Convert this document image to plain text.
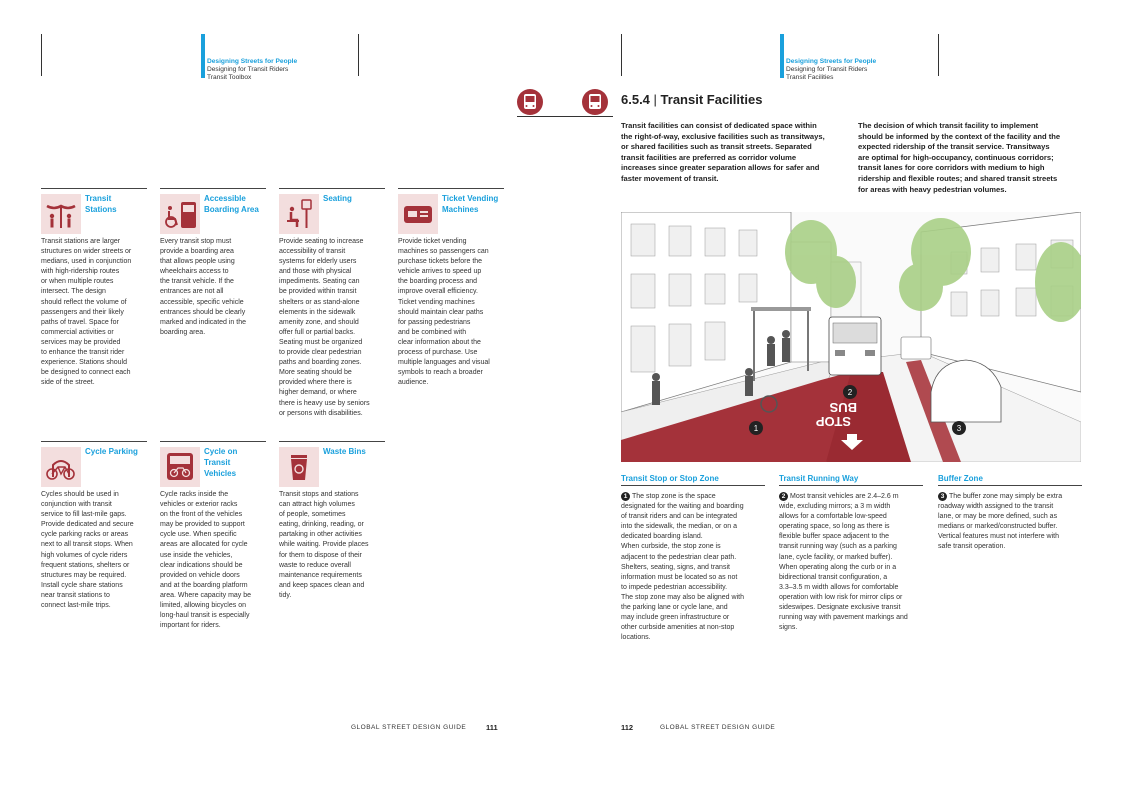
Designing Streets for People
Designing for Transit Riders
Transit Toolbox
Transit
Stations
Transit stations are larger
structures on wider streets or
medians, used in conjunction
with high-ridership routes
or when multiple routes
intersect. The design
should reflect the volume of
passengers and their likely
paths of travel. Space for
commercial activities or
services may be provided
to enhance the transit rider
experience. Stations should
be designed to connect each
side of the street.
Accessible
Boarding Area
Every transit stop must
provide a boarding area
that allows people using
wheelchairs access to
the transit vehicle. If the
entrances are not all
accessible, specific vehicle
entrances should be clearly
marked and indicated in the
boarding area.
Seating
Provide seating to increase
accessibility of transit
systems for elderly users
and those with physical
impediments. Seating can
be provided within transit
shelters or as stand-alone
elements in the sidewalk
amenity zone, and should
offer full or partial backs.
Seating must be organized
to provide clear pedestrian
paths and boarding zones.
More seating should be
provided where there is
higher demand, or where
there is heavy use by seniors
or persons with disabilities.
Ticket Vending
Machines
Provide ticket vending
machines so passengers can
purchase tickets before the
vehicle arrives to speed up
the boarding process and
improve overall efficiency.
Ticket vending machines
should maintain clear paths
for passing pedestrians
and be combined with
clear information about the
process of purchase. Use
multiple languages and visual
symbols to reach a broader
audience.
Cycle Parking
Cycles should be used in
conjunction with transit
service to fill last-mile gaps.
Provide dedicated and secure
cycle parking racks or areas
next to all transit stops. When
high volumes of cycle riders
frequent stations, shelters or
structures may be required.
Install cycle share stations
near transit stations to
connect last-mile trips.
Cycle on
Transit
Vehicles
Cycle racks inside the
vehicles or exterior racks
on the front of the vehicles
may be provided to support
cycle use. When specific
areas are allocated for cycle
use inside the vehicles,
clear indications should be
provided on vehicle doors
and at the boarding platform
area. Where capacity may be
limited, allowing bicycles on
long-haul transit is especially
important for riders.
Waste Bins
Transit stops and stations
can attract high volumes
of people, sometimes
eating, drinking, reading, or
partaking in other activities
while waiting. Provide places
for them to dispose of their
waste to reduce overall
maintenance requirements
and keep spaces clean and
tidy.
GLOBAL STREET DESIGN GUIDE	111
Designing Streets for People
Designing for Transit Riders
Transit Facilities
6.5.4 | Transit Facilities
Transit facilities can consist of dedicated space within
the right-of-way, exclusive facilities such as transitways,
or shared facilities such as transit streets. Separated
transit facilities are preferred as corridor volume
increases since greater separation allows for safer and
faster movement of transit.
The decision of which transit facility to implement
should be informed by the context of the facility and the
expected ridership of the transit service. Transitways
are optimal for high-occupancy, continuous corridors;
transit lanes for core corridors with medium to high
ridership and flexible routes; and shared transit streets
for areas with heavy pedestrian volumes.
BUS
STOP
1
2
3
Transit Stop or Stop Zone
1 The stop zone is the space
designated for the waiting and boarding
of transit riders and can be integrated
into the sidewalk, the median, or on a
dedicated boarding island.
When curbside, the stop zone is
adjacent to the pedestrian clear path.
Shelters, seating, signs, and transit
information must be located so as not
to impede pedestrian accessibility.
The stop zone may also be aligned with
the parking lane or cycle lane, and
may include green infrastructure or
other curbside amenities at non-stop
locations.
Transit Running Way
2 Most transit vehicles are 2.4–2.6 m
wide, excluding mirrors; a 3 m width
allows for a comfortable low-speed
operating space, so long as there is
flexible buffer space adjacent to the
transit running way (such as a parking
lane, cycle facility, or marked buffer).
When operating along the curb or in a
bidirectional transit configuration, a
3.3–3.5 m width allows for comfortable
operation with low risk for mirror clips or
sideswipes. Designate exclusive transit
running way with pavement markings and
signs.
Buffer Zone
3 The buffer zone may simply be extra
roadway width assigned to the transit
lane, or may be more defined, such as
medians or marked/constructed buffer.
Vertical features must not interfere with
safe transit operation.
112	GLOBAL STREET DESIGN GUIDE
